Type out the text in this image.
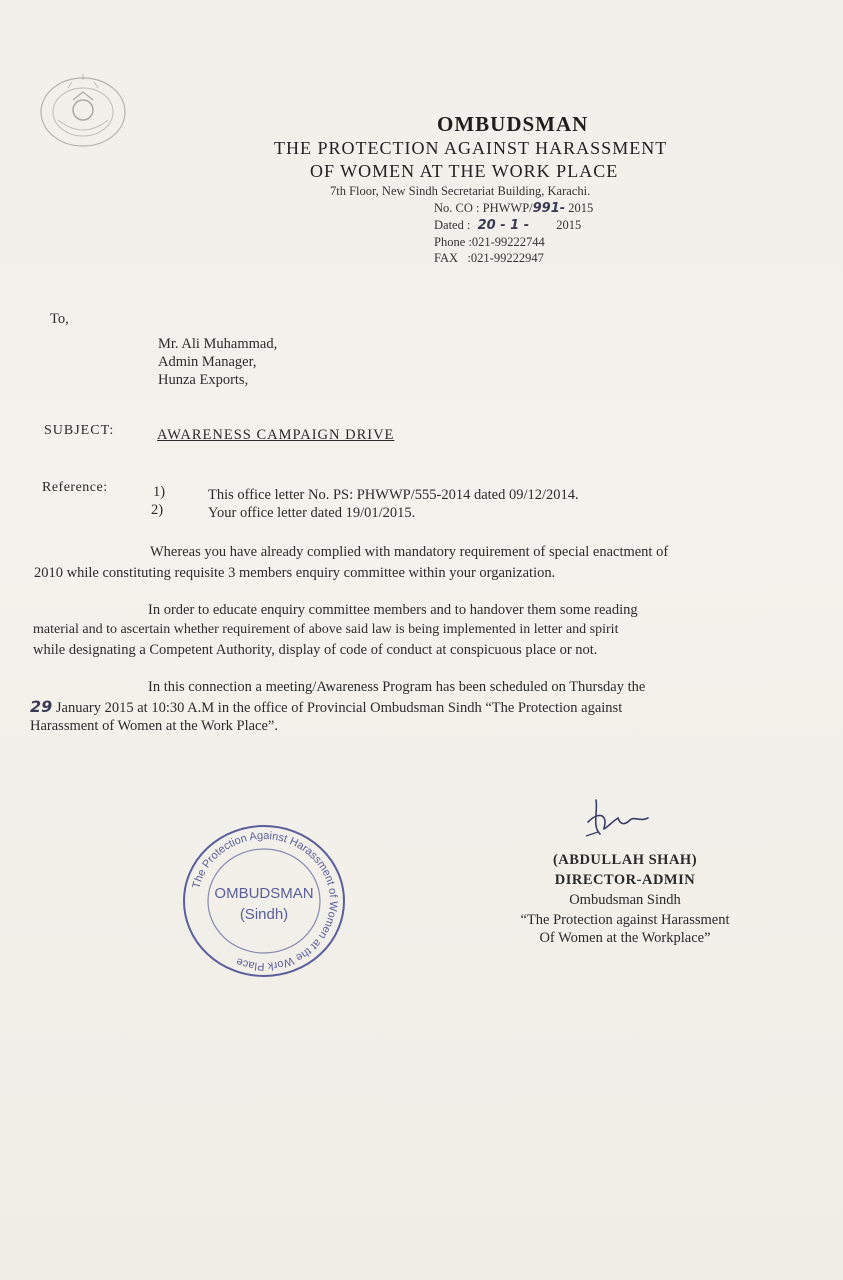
OMBUDSMAN
THE PROTECTION AGAINST HARASSMENT
OF WOMEN AT THE WORK PLACE
7th Floor, New Sindh Secretariat Building, Karachi.
No. CO : PHWWP/991- 2015
Dated : 20 - 1 - 2015
Phone :021-99222744
FAX   :021-99222947
To,
Mr. Ali Muhammad,
Admin Manager,
Hunza Exports,
SUBJECT:	AWARENESS CAMPAIGN DRIVE
Reference:	1)	This office letter No. PS: PHWWP/555-2014 dated 09/12/2014.
2)	Your office letter dated 19/01/2015.
Whereas you have already complied with mandatory requirement of special enactment of
2010 while constituting requisite 3 members enquiry committee within your organization.
In order to educate enquiry committee members and to handover them some reading
material and to ascertain whether requirement of above said law is being implemented in letter and spirit
while designating a Competent Authority, display of code of conduct at conspicuous place or not.
In this connection a meeting/Awareness Program has been scheduled on Thursday the
29 January 2015 at 10:30 A.M in the office of Provincial Ombudsman Sindh “The Protection against
Harassment of Women at the Work Place”.
The Protection Against Harassment of Women at the Work Place
OMBUDSMAN
(Sindh)
(ABDULLAH SHAH)
DIRECTOR-ADMIN
Ombudsman Sindh
“The Protection against Harassment
Of Women at the Workplace”
